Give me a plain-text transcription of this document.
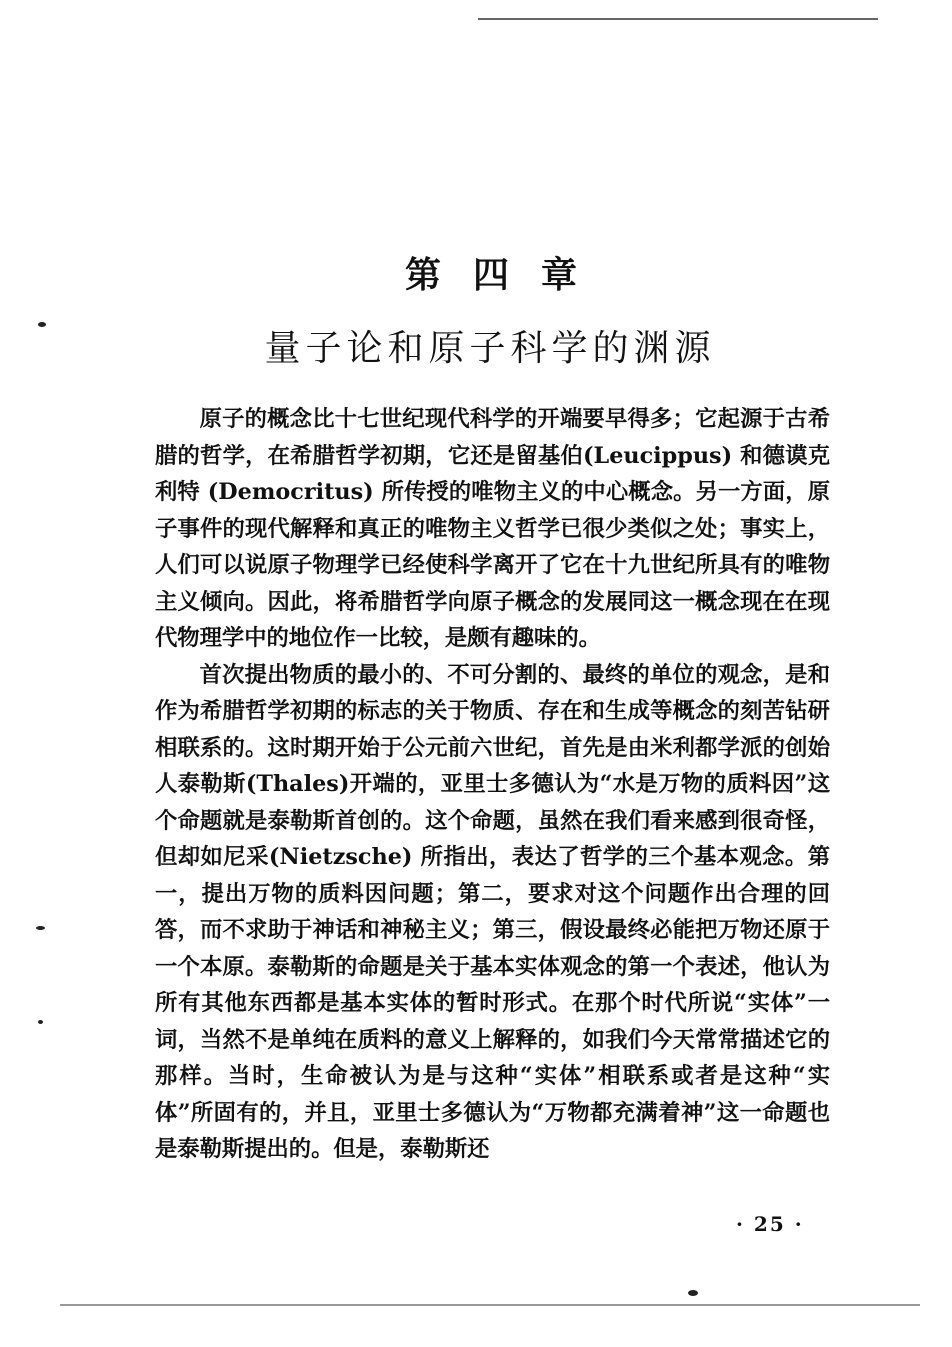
第四章
量子论和原子科学的渊源

原子的概念比十七世纪现代科学的开端要早得多；它起源于古希腊的哲学，在希腊哲学初期，它还是留基伯(Leucippus) 和德谟克利特 (Democritus) 所传授的唯物主义的中心概念。另一方面，原子事件的现代解释和真正的唯物主义哲学已很少类似之处；事实上，人们可以说原子物理学已经使科学离开了它在十九世纪所具有的唯物主义倾向。因此，将希腊哲学向原子概念的发展同这一概念现在在现代物理学中的地位作一比较，是颇有趣味的。

首次提出物质的最小的、不可分割的、最终的单位的观念，是和作为希腊哲学初期的标志的关于物质、存在和生成等概念的刻苦钻研相联系的。这时期开始于公元前六世纪，首先是由米利都学派的创始人泰勒斯(Thales)开端的，亚里士多德认为“水是万物的质料因”这个命题就是泰勒斯首创的。这个命题，虽然在我们看来感到很奇怪，但却如尼采(Nietzsche) 所指出，表达了哲学的三个基本观念。第一，提出万物的质料因问题；第二，要求对这个问题作出合理的回答，而不求助于神话和神秘主义；第三，假设最终必能把万物还原于一个本原。泰勒斯的命题是关于基本实体观念的第一个表述，他认为所有其他东西都是基本实体的暂时形式。在那个时代所说“实体”一词，当然不是单纯在质料的意义上解释的，如我们今天常常描述它的那样。当时，生命被认为是与这种“实体”相联系或者是这种“实体”所固有的，并且，亚里士多德认为“万物都充满着神”这一命题也是泰勒斯提出的。但是，泰勒斯还

· 25 ·
